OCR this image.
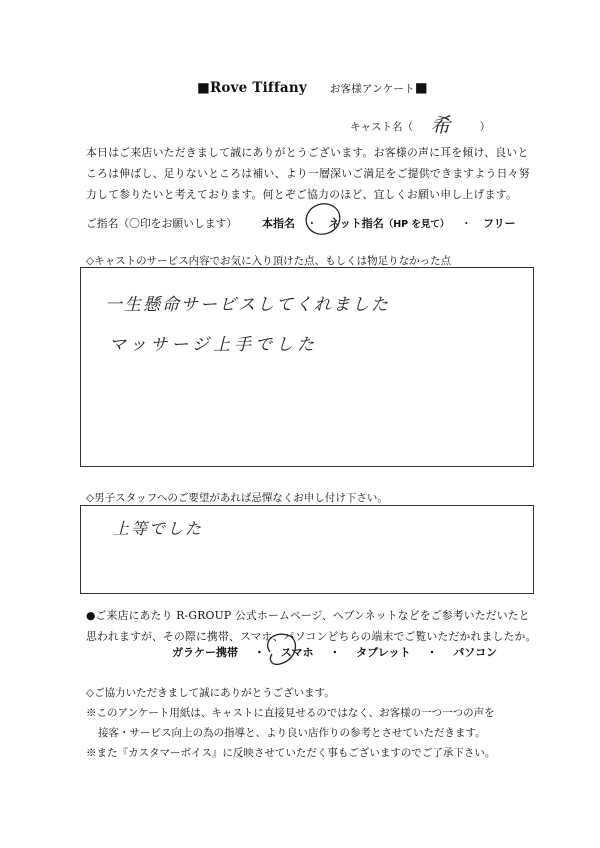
■Rove Tiffany お客様アンケート■
キャスト名（ 希	）
本日はご来店いただきまして誠にありがとうございます。お客様の声に耳を傾け、良いと
ころは伸ばし、足りないところは補い、より一層深いご満足をご提供できますよう日々努
力して参りたいと考えております。何とぞご協力のほど、宜しくお願い申し上げます。
ご指名（〇印をお願いします） 本指名 ・ ネット指名（HP を見て） ・ フリー
◇キャストのサービス内容でお気に入り頂けた点、もしくは物足りなかった点
一生懸命サービスしてくれました
マッサージ上手でした
◇男子スタッフへのご要望があれば忌憚なくお申し付け下さい。
上等でした
●ご来店にあたり R-GROUP 公式ホームページ、ヘブンネットなどをご参考いただいたと
思われますが、その際に携帯、スマホ、パソコンどちらの端末でご覧いただかれましたか。
ガラケー携帯 ・ スマホ ・ タブレット ・ パソコン
◇ご協力いただきまして誠にありがとうございます。
※このアンケート用紙は、キャストに直接見せるのではなく、お客様の一つ一つの声を
接客・サービス向上の為の指導と、より良い店作りの参考とさせていただきます。
※また『カスタマーボイス』に反映させていただく事もございますのでご了承下さい。
